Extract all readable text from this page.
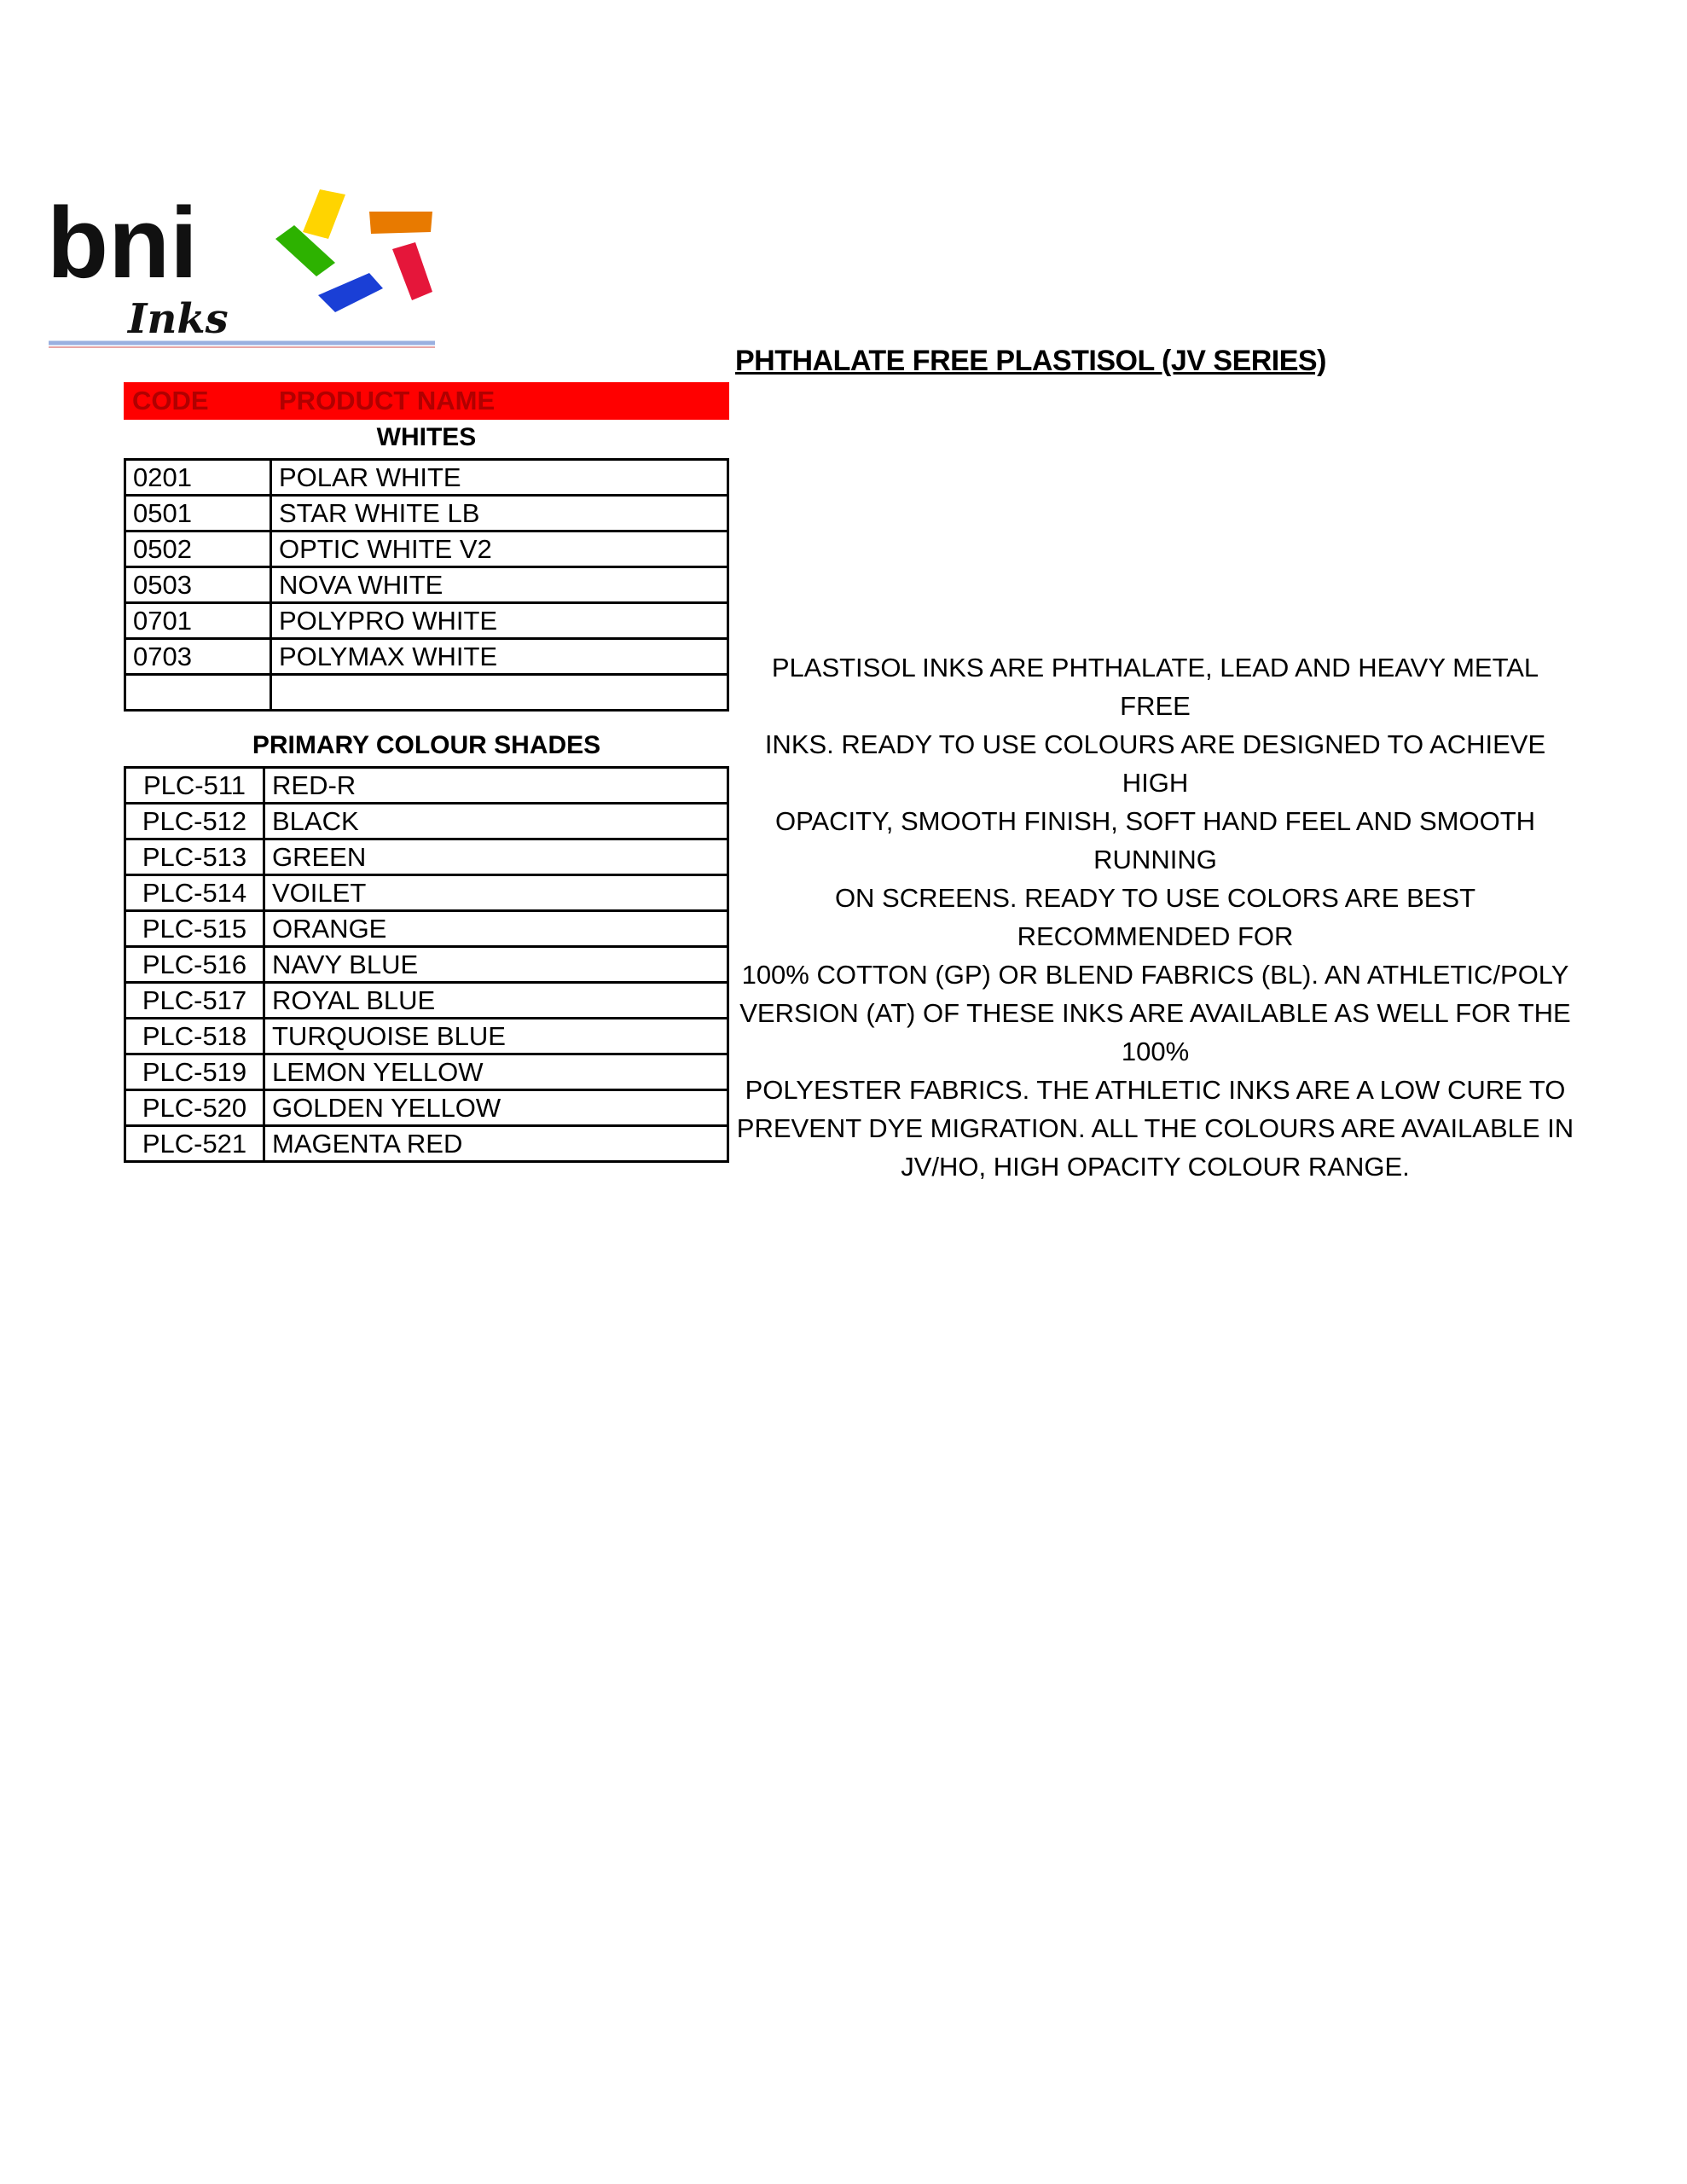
bni
Inks
PHTHALATE FREE PLASTISOL (JV SERIES)
CODE	PRODUCT NAME
WHITES
0201	POLAR WHITE
0501	STAR WHITE LB
0502	OPTIC WHITE V2
0503	NOVA WHITE
0701	POLYPRO WHITE
0703	POLYMAX WHITE

PRIMARY COLOUR SHADES
PLC-511	RED-R
PLC-512	BLACK
PLC-513	GREEN
PLC-514	VOILET
PLC-515	ORANGE
PLC-516	NAVY BLUE
PLC-517	ROYAL BLUE
PLC-518	TURQUOISE BLUE
PLC-519	LEMON YELLOW
PLC-520	GOLDEN YELLOW
PLC-521	MAGENTA RED
PLASTISOL INKS ARE PHTHALATE, LEAD AND HEAVY METAL FREE
INKS. READY TO USE COLOURS ARE DESIGNED TO ACHIEVE HIGH
OPACITY, SMOOTH FINISH, SOFT HAND FEEL AND SMOOTH RUNNING
ON SCREENS. READY TO USE COLORS ARE BEST RECOMMENDED FOR
100% COTTON (GP) OR BLEND FABRICS (BL). AN ATHLETIC/POLY
VERSION (AT) OF THESE INKS ARE AVAILABLE AS WELL FOR THE 100%
POLYESTER FABRICS. THE ATHLETIC INKS ARE A LOW CURE TO
PREVENT DYE MIGRATION. ALL THE COLOURS ARE AVAILABLE IN
JV/HO, HIGH OPACITY COLOUR RANGE.
